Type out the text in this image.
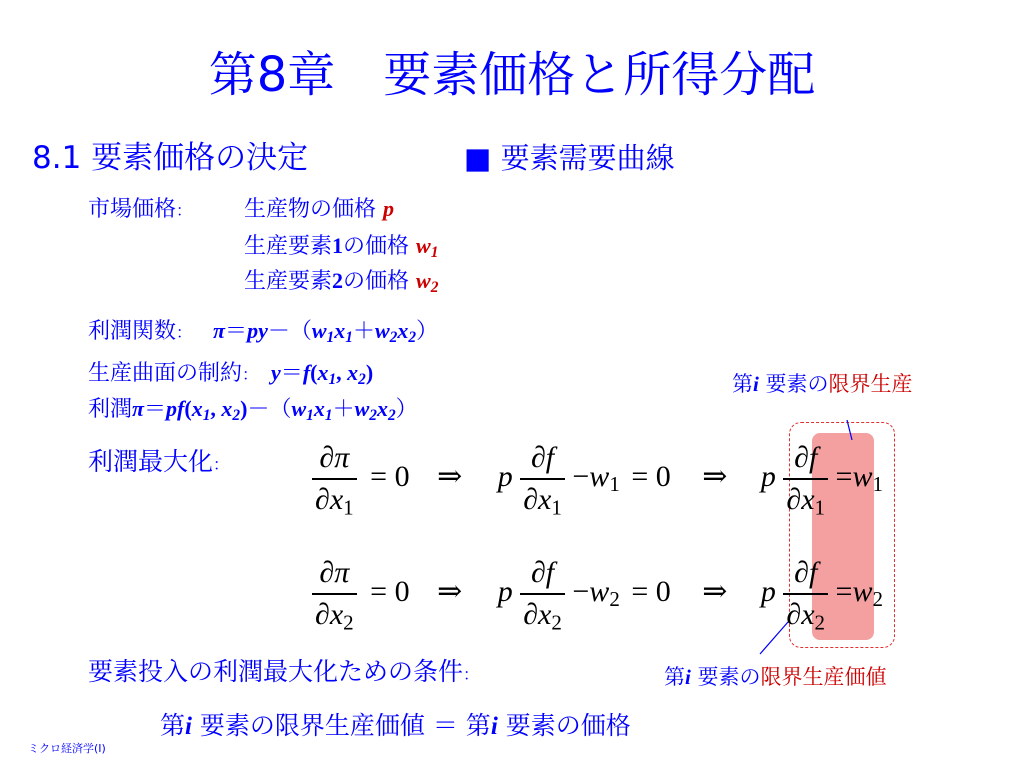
第8章　要素価格と所得分配
8.1 要素価格の決定	■ 要素需要曲線
市場価格： 生産物の価格 p
生産要素1の価格 $w_1$
生産要素2の価格 $w_2$
利潤関数： $\pi=py-(w_1x_1+w_2x_2)$
生産曲面の制約： $y=f(x_1$, $x_2$)
利潤$\pi=pf(x_1$, $x_2)-(w_1x_1+w_2x_2)$
第i 要素の限界生産
利潤最大化：	$\frac{\partial\pi}{\partial x_1} = 0$ ⇒ p $\frac{\partial f}{\partial x_1} -w_1 = 0$ ⇒ p $\frac{\partial f}{\partial x_1} =w_1$
$\frac{\partial\pi}{\partial x_2} = 0$ ⇒ p $\frac{\partial f}{\partial x_2} -w_2 = 0$ ⇒ p $\frac{\partial f}{\partial x_2} =w_2$
要素投入の利潤最大化ための条件：	第i 要素の限界生産価値
第i 要素の限界生産価値 ＝ 第i 要素の価格
ミクロ経済学(Ⅰ)
